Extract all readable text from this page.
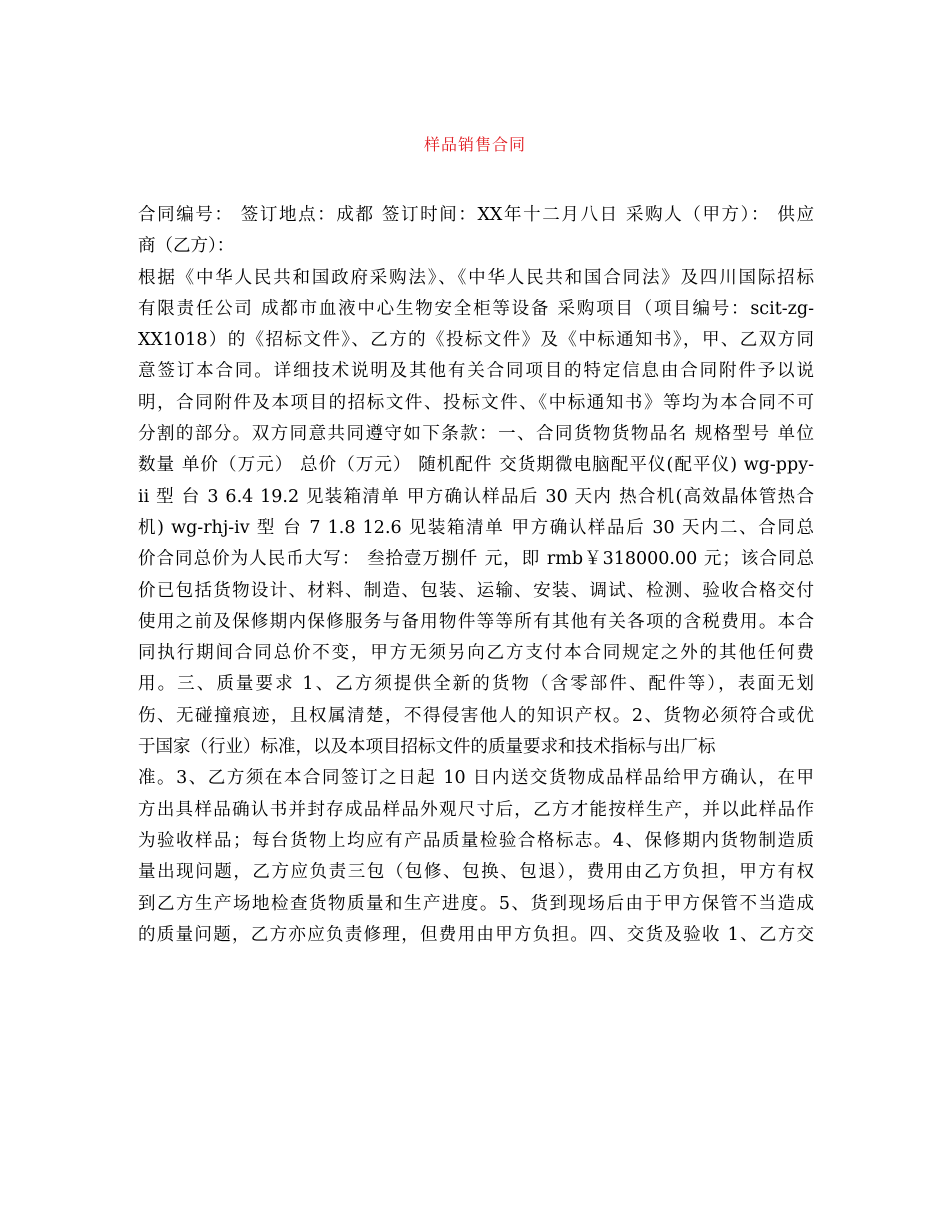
样品销售合同
合同编号： 签订地点：成都 签订时间：XX年十二月八日 采购人（甲方）： 供应
商（乙方）：
根据《中华人民共和国政府采购法》、《中华人民共和国合同法》及四川国际招标
有限责任公司 成都市血液中心生物安全柜等设备 采购项目（项目编号：scit-zg-
XX1018）的《招标文件》、乙方的《投标文件》及《中标通知书》，甲、乙双方同
意签订本合同。详细技术说明及其他有关合同项目的特定信息由合同附件予以说
明，合同附件及本项目的招标文件、投标文件、《中标通知书》等均为本合同不可
分割的部分。双方同意共同遵守如下条款：一、合同货物货物品名 规格型号 单位
数量 单价（万元） 总价（万元） 随机配件 交货期微电脑配平仪(配平仪) wg-ppy-
ii 型 台 3 6.4 19.2 见装箱清单 甲方确认样品后 30 天内 热合机(高效晶体管热合
机) wg-rhj-iv 型 台 7 1.8 12.6 见装箱清单 甲方确认样品后 30 天内二、合同总
价合同总价为人民币大写： 叁拾壹万捌仟 元，即 rmb￥318000.00 元；该合同总
价已包括货物设计、材料、制造、包装、运输、安装、调试、检测、验收合格交付
使用之前及保修期内保修服务与备用物件等等所有其他有关各项的含税费用。本合
同执行期间合同总价不变，甲方无须另向乙方支付本合同规定之外的其他任何费
用。三、质量要求 1、乙方须提供全新的货物（含零部件、配件等），表面无划
伤、无碰撞痕迹，且权属清楚，不得侵害他人的知识产权。2、货物必须符合或优
于国家（行业）标准，以及本项目招标文件的质量要求和技术指标与出厂标
准。3、乙方须在本合同签订之日起 10 日内送交货物成品样品给甲方确认，在甲
方出具样品确认书并封存成品样品外观尺寸后，乙方才能按样生产，并以此样品作
为验收样品；每台货物上均应有产品质量检验合格标志。4、保修期内货物制造质
量出现问题，乙方应负责三包（包修、包换、包退），费用由乙方负担，甲方有权
到乙方生产场地检查货物质量和生产进度。5、货到现场后由于甲方保管不当造成
的质量问题，乙方亦应负责修理，但费用由甲方负担。四、交货及验收 1、乙方交
